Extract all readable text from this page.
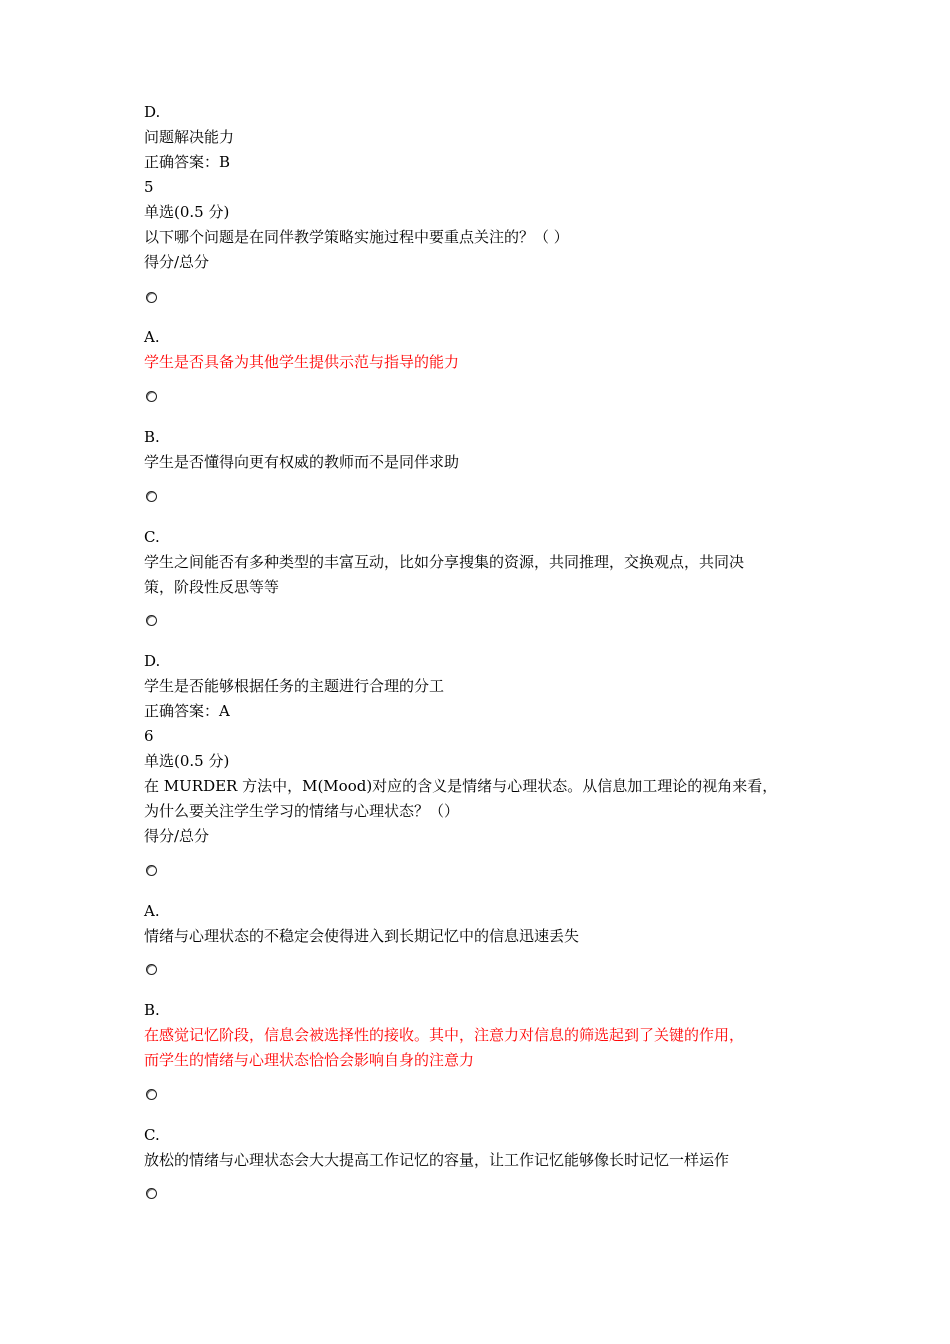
D.

问题解决能力

正确答案：B

5

单选(0.5 分)

以下哪个问题是在同伴教学策略实施过程中要重点关注的？（ ）

得分/总分

A.

学生是否具备为其他学生提供示范与指导的能力

B.

学生是否懂得向更有权威的教师而不是同伴求助

C.

学生之间能否有多种类型的丰富互动，比如分享搜集的资源，共同推理，交换观点，共同决

策，阶段性反思等等

D.

学生是否能够根据任务的主题进行合理的分工

正确答案：A

6

单选(0.5 分)

在 MURDER 方法中，M(Mood)对应的含义是情绪与心理状态。从信息加工理论的视角来看，

为什么要关注学生学习的情绪与心理状态？（）

得分/总分

A.

情绪与心理状态的不稳定会使得进入到长期记忆中的信息迅速丢失

B.

在感觉记忆阶段，信息会被选择性的接收。其中，注意力对信息的筛选起到了关键的作用，

而学生的情绪与心理状态恰恰会影响自身的注意力

C.

放松的情绪与心理状态会大大提高工作记忆的容量，让工作记忆能够像长时记忆一样运作
